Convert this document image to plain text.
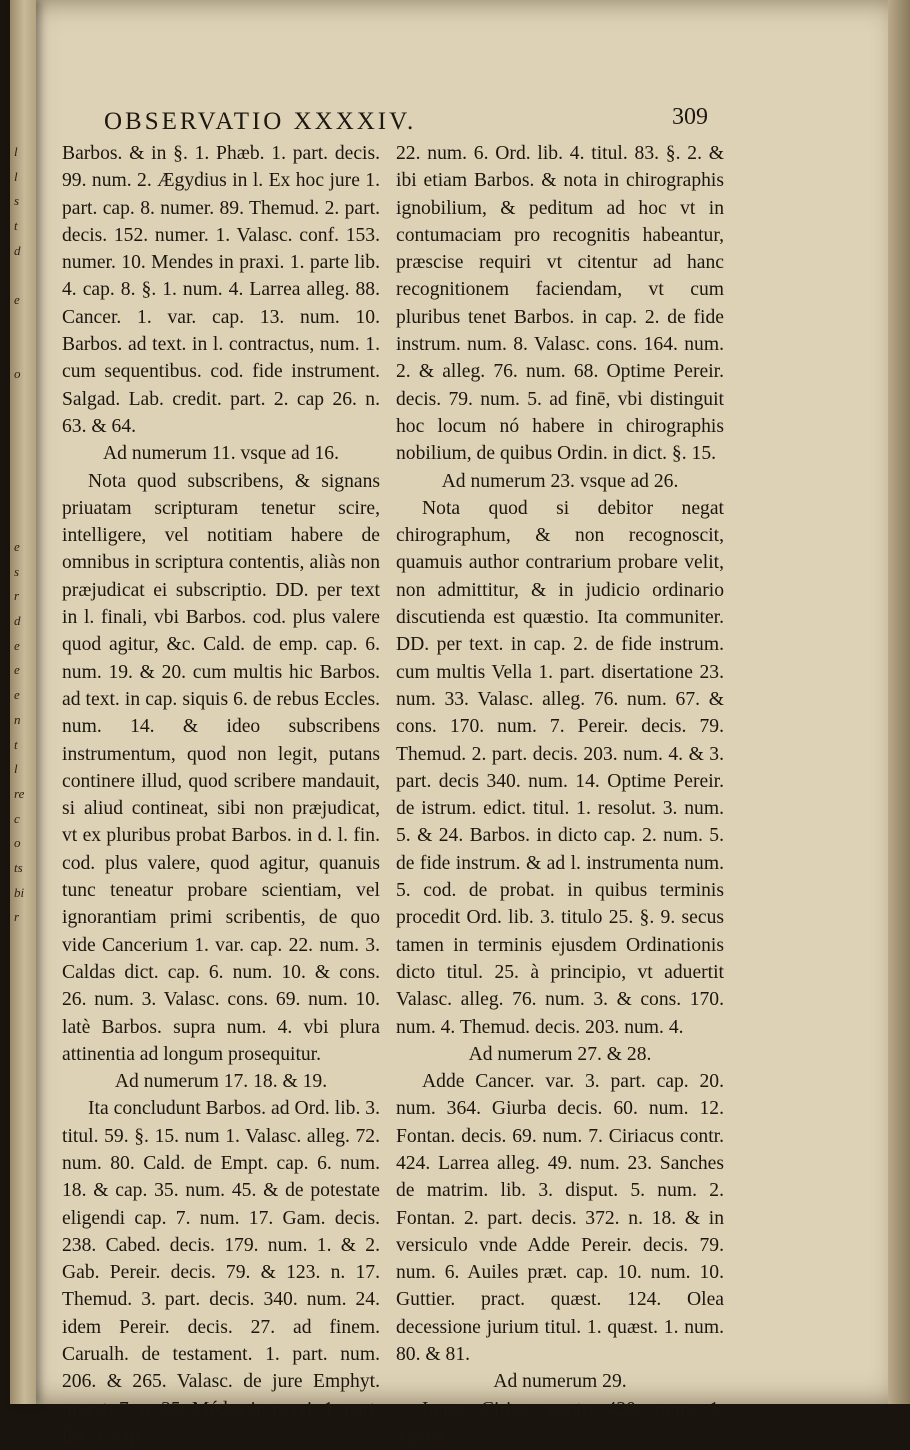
l
l
s
t
d

e

o

e
s
r
d
e
e
e
n
t
l
re
c
o
ts
bi
r

OBSERVATIO XXXXIV.	309

Barbos. & in §. 1. Phæb. 1. part. decis. 99. num. 2. Ægydius in l. Ex hoc jure 1. part. cap. 8. numer. 89. Themud. 2. part. decis. 152. numer. 1. Valasc. conf. 153. numer. 10. Mendes in praxi. 1. parte lib. 4. cap. 8. §. 1. num. 4. Larrea alleg. 88. Cancer. 1. var. cap. 13. num. 10. Barbos. ad text. in l. contractus, num. 1. cum sequentibus. cod. fide instrument. Salgad. Lab. credit. part. 2. cap 26. n. 63. & 64.

Ad numerum 11. vsque ad 16.

Nota quod subscribens, & signans priuatam scripturam tenetur scire, intelligere, vel notitiam habere de omnibus in scriptura contentis, aliàs non præjudicat ei subscriptio. DD. per text in l. finali, vbi Barbos. cod. plus valere quod agitur, &c. Cald. de emp. cap. 6. num. 19. & 20. cum multis hic Barbos. ad text. in cap. siquis 6. de rebus Eccles. num. 14. & ideo subscribens instrumentum, quod non legit, putans continere illud, quod scribere mandauit, si aliud contineat, sibi non præjudicat, vt ex pluribus probat Barbos. in d. l. fin. cod. plus valere, quod agitur, quanuis tunc teneatur probare scientiam, vel ignorantiam primi scribentis, de quo vide Cancerium 1. var. cap. 22. num. 3. Caldas dict. cap. 6. num. 10. & cons. 26. num. 3. Valasc. cons. 69. num. 10. latè Barbos. supra num. 4. vbi plura attinentia ad longum prosequitur.

Ad numerum 17. 18. & 19.

Ita concludunt Barbos. ad Ord. lib. 3. titul. 59. §. 15. num 1. Valasc. alleg. 72. num. 80. Cald. de Empt. cap. 6. num. 18. & cap. 35. num. 45. & de potestate eligendi cap. 7. num. 17. Gam. decis. 238. Cabed. decis. 179. num. 1. & 2. Gab. Pereir. decis. 79. & 123. n. 17. Themud. 3. part. decis. 340. num. 24. idem Pereir. decis. 27. ad finem. Carualh. de testament. 1. part. num. 206. & 265. Valasc. de jure Emphyt. quæst. 7. n. 25. Médes in praxi. 1. part. lib. 3. cap.

22. num. 6. Ord. lib. 4. titul. 83. §. 2. & ibi etiam Barbos. & nota in chirographis ignobilium, & peditum ad hoc vt in contumaciam pro recognitis habeantur, præscise requiri vt citentur ad hanc recognitionem faciendam, vt cum pluribus tenet Barbos. in cap. 2. de fide instrum. num. 8. Valasc. cons. 164. num. 2. & alleg. 76. num. 68. Optime Pereir. decis. 79. num. 5. ad finē, vbi distinguit hoc locum nó habere in chirographis nobilium, de quibus Ordin. in dict. §. 15.

Ad numerum 23. vsque ad 26.

Nota quod si debitor negat chirographum, & non recognoscit, quamuis author contrarium probare velit, non admittitur, & in judicio ordinario discutienda est quæstio. Ita communiter. DD. per text. in cap. 2. de fide instrum. cum multis Vella 1. part. disertatione 23. num. 33. Valasc. alleg. 76. num. 67. & cons. 170. num. 7. Pereir. decis. 79. Themud. 2. part. decis. 203. num. 4. & 3. part. decis 340. num. 14. Optime Pereir. de istrum. edict. titul. 1. resolut. 3. num. 5. & 24. Barbos. in dicto cap. 2. num. 5. de fide instrum. & ad l. instrumenta num. 5. cod. de probat. in quibus terminis procedit Ord. lib. 3. titulo 25. §. 9. secus tamen in terminis ejusdem Ordinationis dicto titul. 25. à principio, vt aduertit Valasc. alleg. 76. num. 3. & cons. 170. num. 4. Themud. decis. 203. num. 4.

Ad numerum 27. & 28.

Adde Cancer. var. 3. part. cap. 20. num. 364. Giurba decis. 60. num. 12. Fontan. decis. 69. num. 7. Ciriacus contr. 424. Larrea alleg. 49. num. 23. Sanches de matrim. lib. 3. disput. 5. num. 2. Fontan. 2. part. decis. 372. n. 18. & in versiculo vnde Adde Pereir. decis. 79. num. 6. Auiles præt. cap. 10. num. 10. Guttier. pract. quæst. 124. Olea decessione jurium titul. 1. quæst. 1. num. 80. & 81.

Ad numerum 29.

Iunge Ciriac. contr. 420. num. 1. Valasc.
